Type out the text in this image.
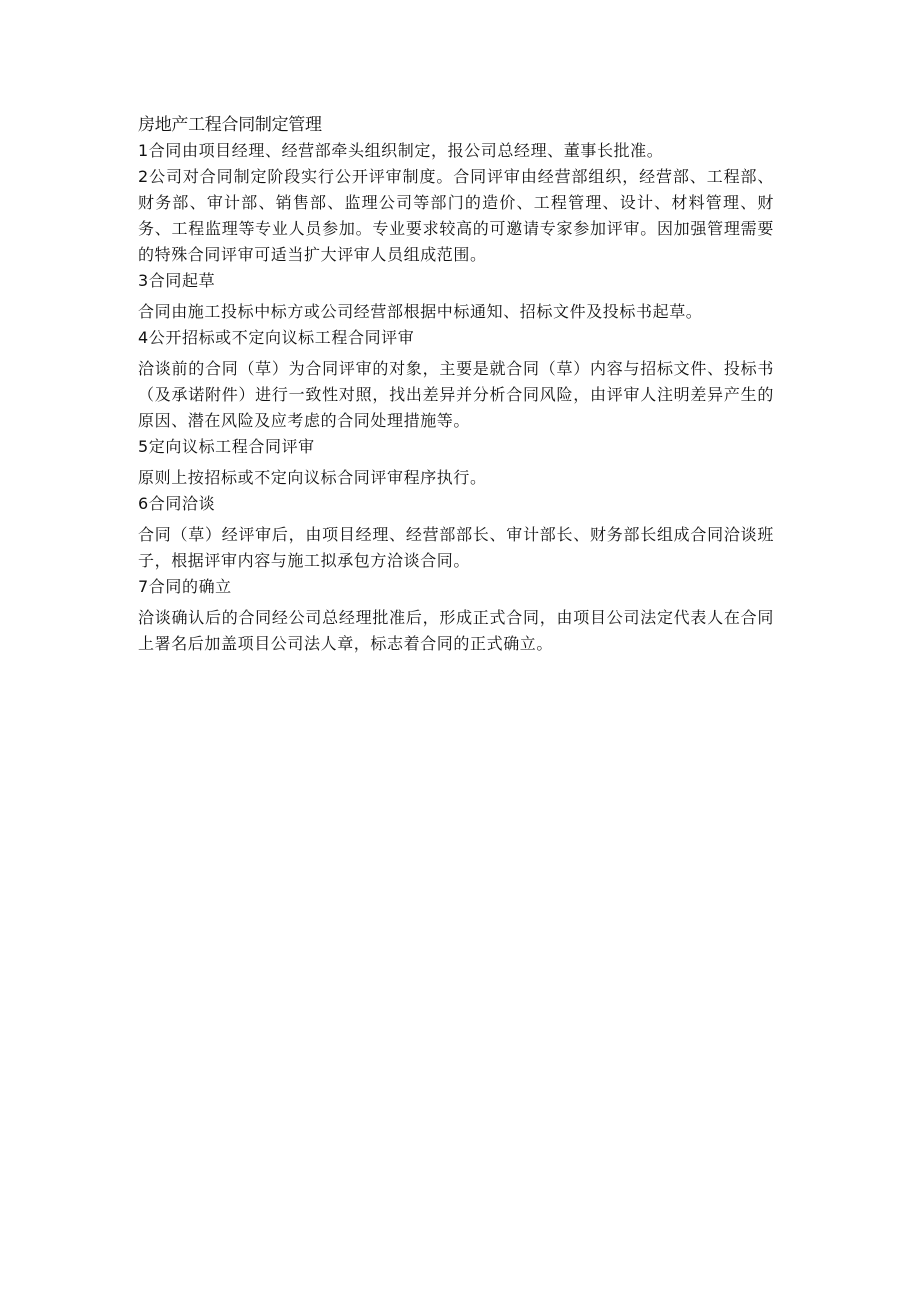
房地产工程合同制定管理

1合同由项目经理、经营部牵头组织制定，报公司总经理、董事长批准。

2公司对合同制定阶段实行公开评审制度。合同评审由经营部组织，经营部、工程部、财务部、审计部、销售部、监理公司等部门的造价、工程管理、设计、材料管理、财务、工程监理等专业人员参加。专业要求较高的可邀请专家参加评审。因加强管理需要的特殊合同评审可适当扩大评审人员组成范围。

3合同起草

合同由施工投标中标方或公司经营部根据中标通知、招标文件及投标书起草。

4公开招标或不定向议标工程合同评审

洽谈前的合同（草）为合同评审的对象，主要是就合同（草）内容与招标文件、投标书（及承诺附件）进行一致性对照，找出差异并分析合同风险，由评审人注明差异产生的原因、潜在风险及应考虑的合同处理措施等。

5定向议标工程合同评审

原则上按招标或不定向议标合同评审程序执行。

6合同洽谈

合同（草）经评审后，由项目经理、经营部部长、审计部长、财务部长组成合同洽谈班子，根据评审内容与施工拟承包方洽谈合同。

7合同的确立

洽谈确认后的合同经公司总经理批准后，形成正式合同，由项目公司法定代表人在合同上署名后加盖项目公司法人章，标志着合同的正式确立。
